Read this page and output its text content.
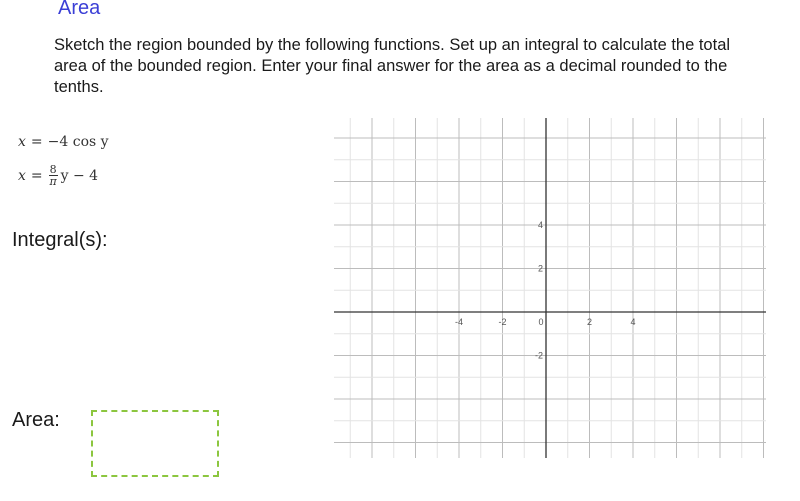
Area
Sketch the region bounded by the following functions. Set up an integral to calculate the total area of the bounded region. Enter your final answer for the area as a decimal rounded to the tenths.
x = −4 cos y
$x = \frac{8}{\pi}$ y − 4
Integral(s):
Area:
-4	-2	0	2	4
4
2
-2
